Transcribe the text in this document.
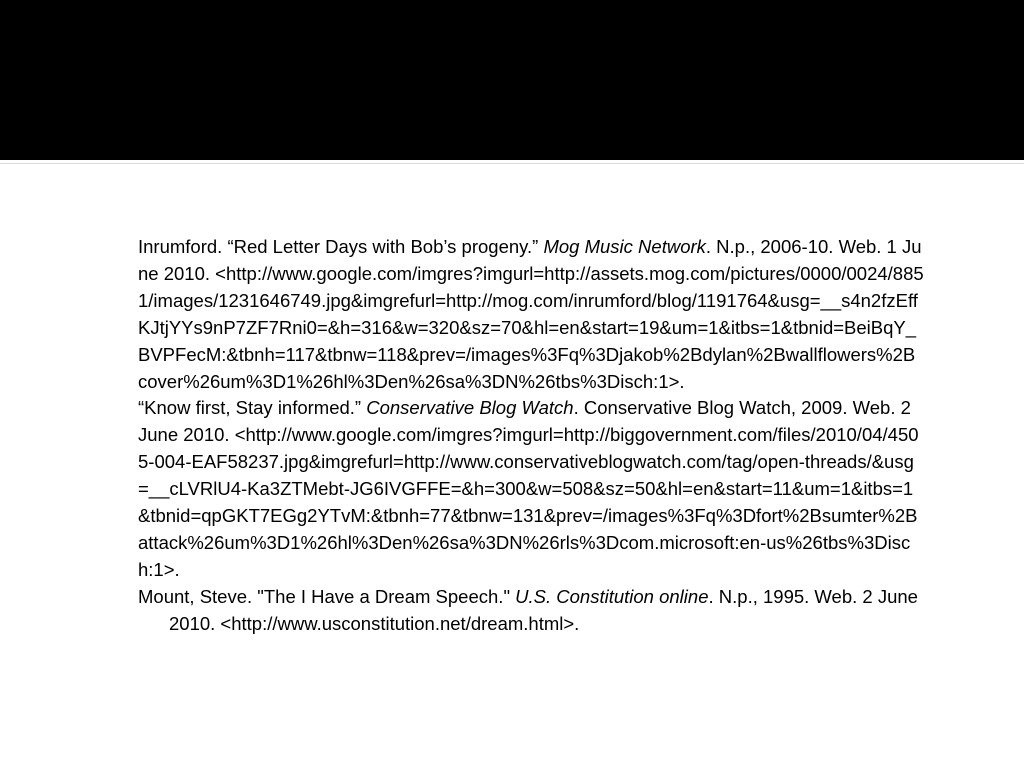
Inrumford. “Red Letter Days with Bob’s progeny.” Mog Music Network. N.p., 2006-10. Web. 1 June 2010. <http://www.google.com/imgres?imgurl=http://assets.mog.com/pictures/0000/0024/8851/images/1231646749.jpg&imgrefurl=http://mog.com/inrumford/blog/1191764&usg=__s4n2fzEffKJtjYYs9nP7ZF7Rni0=&h=316&w=320&sz=70&hl=en&start=19&um=1&itbs=1&tbnid=BeiBqY_BVPFecM:&tbnh=117&tbnw=118&prev=/images%3Fq%3Djakob%2Bdylan%2Bwallflowers%2Bcover%26um%3D1%26hl%3Den%26sa%3DN%26tbs%3Disch:1>.

“Know first, Stay informed.” Conservative Blog Watch. Conservative Blog Watch, 2009. Web. 2 June 2010. <http://www.google.com/imgres?imgurl=http://biggovernment.com/files/2010/04/4505-004-EAF58237.jpg&imgrefurl=http://www.conservativeblogwatch.com/tag/open-threads/&usg=__cLVRlU4-Ka3ZTMebt-JG6IVGFFE=&h=300&w=508&sz=50&hl=en&start=11&um=1&itbs=1&tbnid=qpGKT7EGg2YTvM:&tbnh=77&tbnw=131&prev=/images%3Fq%3Dfort%2Bsumter%2Battack%26um%3D1%26hl%3Den%26sa%3DN%26rls%3Dcom.microsoft:en-us%26tbs%3Disch:1>.

Mount, Steve. "The I Have a Dream Speech." U.S. Constitution online. N.p., 1995. Web. 2 June 2010. <http://www.usconstitution.net/dream.html>.
